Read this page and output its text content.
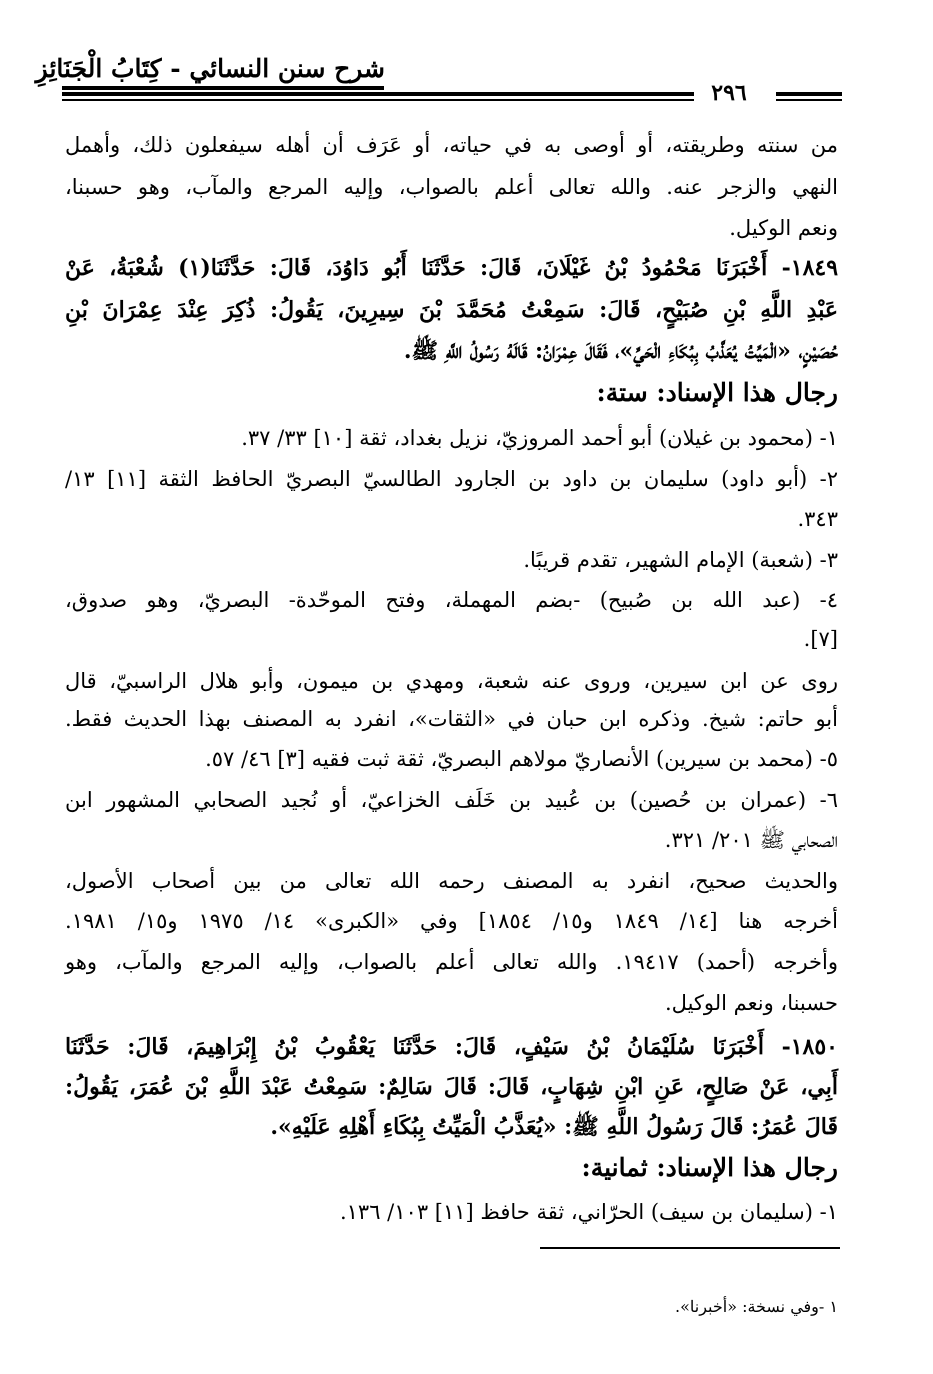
شرح سنن النسائي - كِتَابُ الْجَنَائِزِ
٢٩٦
من سنته وطريقته، أو أوصى به في حياته، أو عَرَف أن أهله سيفعلون ذلك، وأهمل
النهي والزجر عنه. والله تعالى أعلم بالصواب، وإليه المرجع والمآب، وهو حسبنا،
ونعم الوكيل.
١٨٤٩- أَخْبَرَنَا مَحْمُودُ بْنُ غَيْلَانَ، قَالَ: حَدَّثَنَا أَبُو دَاوُدَ، قَالَ: حَدَّثَنَا(١) شُعْبَةُ، عَنْ
عَبْدِ اللَّهِ بْنِ صُبَيْحٍ، قَالَ: سَمِعْتُ مُحَمَّدَ بْنَ سِيرِينَ، يَقُولُ: ذُكِرَ عِنْدَ عِمْرَانَ بْنِ
حُصَيْنٍ، «الْمَيِّتُ يُعَذَّبُ بِبُكَاءِ الْحَيِّ»، فَقَالَ عِمْرَانُ: قَالَهُ رَسُولُ اللَّهِ ﷺ.
رجال هذا الإسناد: ستة:
١- (محمود بن غيلان) أبو أحمد المروزيّ، نزيل بغداد، ثقة [١٠] ٣٣/ ٣٧.
٢- (أبو داود) سليمان بن داود بن الجارود الطالسيّ البصريّ الحافظ الثقة [١١] ١٣/
٣٤٣.
٣- (شعبة) الإمام الشهير، تقدم قريبًا.
٤- (عبد الله بن صُبيح) -بضم المهملة، وفتح الموحّدة- البصريّ، وهو صدوق،
[٧].
روى عن ابن سيرين، وروى عنه شعبة، ومهدي بن ميمون، وأبو هلال الراسبيّ، قال
أبو حاتم: شيخ. وذكره ابن حبان في «الثقات»، انفرد به المصنف بهذا الحديث فقط.
٥- (محمد بن سيرين) الأنصاريّ مولاهم البصريّ، ثقة ثبت فقيه [٣] ٤٦/ ٥٧.
٦- (عمران بن حُصين) بن عُبيد بن خَلَف الخزاعيّ، أو نُجيد الصحابي المشهور ابن
الصحابي ﷺ ٢٠١/ ٣٢١.
والحديث صحيح، انفرد به المصنف رحمه الله تعالى من بين أصحاب الأصول،
أخرجه هنا [١٤/ ١٨٤٩ و١٥/ ١٨٥٤] وفي «الكبرى» ١٤/ ١٩٧٥ و١٥/ ١٩٨١.
وأخرجه (أحمد) ١٩٤١٧. والله تعالى أعلم بالصواب، وإليه المرجع والمآب، وهو
حسبنا، ونعم الوكيل.
١٨٥٠- أَخْبَرَنَا سُلَيْمَانُ بْنُ سَيْفٍ، قَالَ: حَدَّثَنَا يَعْقُوبُ بْنُ إِبْرَاهِيمَ، قَالَ: حَدَّثَنَا
أَبِي، عَنْ صَالِحٍ، عَنِ ابْنِ شِهَابٍ، قَالَ: قَالَ سَالِمٌ: سَمِعْتُ عَبْدَ اللَّهِ بْنَ عُمَرَ، يَقُولُ:
قَالَ عُمَرُ: قَالَ رَسُولُ اللَّهِ ﷺ: «يُعَذَّبُ الْمَيِّتُ بِبُكَاءِ أَهْلِهِ عَلَيْهِ».
رجال هذا الإسناد: ثمانية:
١- (سليمان بن سيف) الحرّاني، ثقة حافظ [١١] ١٠٣/ ١٣٦.
١ -وفي نسخة: «أخبرنا».
